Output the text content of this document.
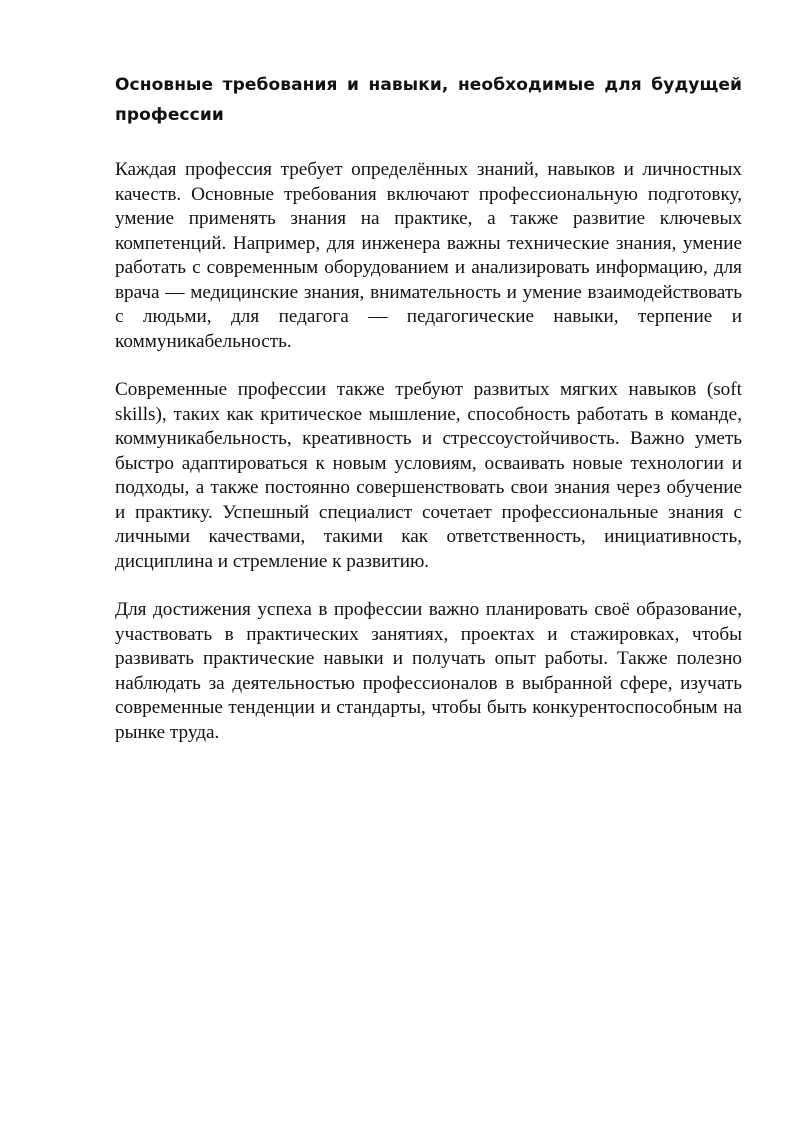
Основные требования и навыки, необходимые для будущей профессии

Каждая профессия требует определённых знаний, навыков и личностных качеств. Основные требования включают профессиональную подготовку, умение применять знания на практике, а также развитие ключевых компетенций. Например, для инженера важны технические знания, умение работать с современным оборудованием и анализировать информацию, для врача — медицинские знания, внимательность и умение взаимодействовать с людьми, для педагога — педагогические навыки, терпение и коммуникабельность.

Современные профессии также требуют развитых мягких навыков (soft skills), таких как критическое мышление, способность работать в команде, коммуникабельность, креативность и стрессоустойчивость. Важно уметь быстро адаптироваться к новым условиям, осваивать новые технологии и подходы, а также постоянно совершенствовать свои знания через обучение и практику. Успешный специалист сочетает профессиональные знания с личными качествами, такими как ответственность, инициативность, дисциплина и стремление к развитию.

Для достижения успеха в профессии важно планировать своё образование, участвовать в практических занятиях, проектах и стажировках, чтобы развивать практические навыки и получать опыт работы. Также полезно наблюдать за деятельностью профессионалов в выбранной сфере, изучать современные тенденции и стандарты, чтобы быть конкурентоспособным на рынке труда.
